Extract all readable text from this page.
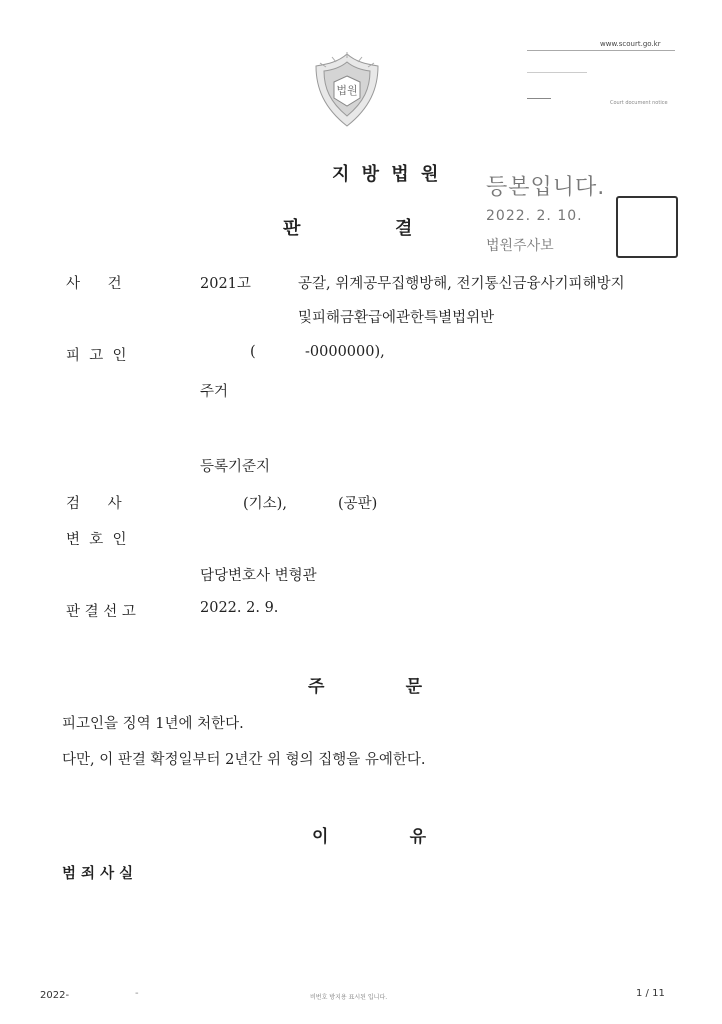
www.scourt.go.kr
Court document notice
법원
지 방 법 원
판	결
등본입니다.
2022. 2. 10.
법원주사보
사      건	2021고	공갈, 위계공무집행방해, 전기통신금융사기피해방지
및피해금환급에관한특별법위반
피  고  인	(	-0000000),
주거
등록기준지
검      사	(기소),	(공판)
변  호  인
담당변호사 변형관
판 결 선 고	2022. 2. 9.
주          문
피고인을 징역 1년에 처한다.
다만, 이 판결 확정일부터 2년간 위 형의 집행을 유예한다.
이          유
범 죄 사 실
2022-	-	비번호 방지용 표시된 입니다.	1 / 11
